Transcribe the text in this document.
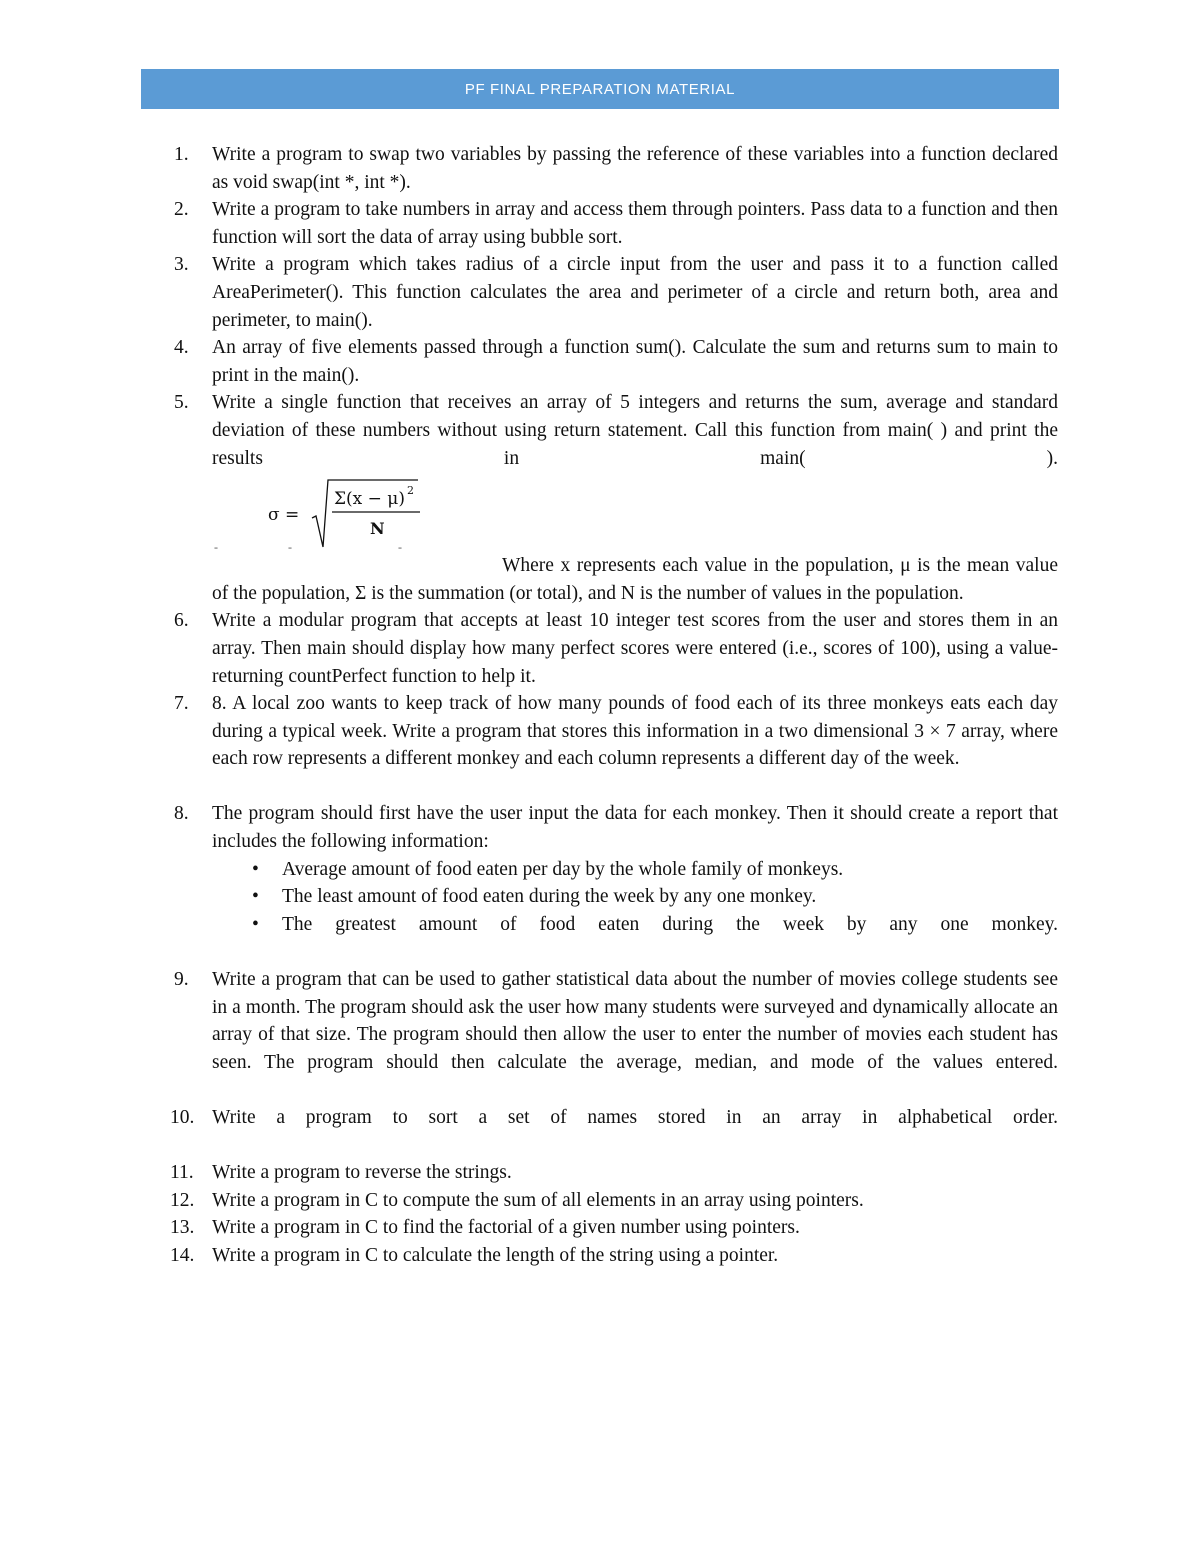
PF FINAL PREPARATION MATERIAL
1.	Write a program to swap two variables by passing the reference of these variables into a function declared as void swap(int *, int *).
2.	Write a program to take numbers in array and access them through pointers. Pass data to a function and then function will sort the data of array using bubble sort.
3.	Write a program which takes radius of a circle input from the user and pass it to a function called AreaPerimeter(). This function calculates the area and perimeter of a circle and return both, area and perimeter, to main().
4.	An array of five elements passed through a function sum(). Calculate the sum and returns sum to main to print in the main().
5.	Write a single function that receives an array of 5 integers and returns the sum, average and standard deviation of these numbers without using return statement. Call this function from main( ) and print the results in main( ).
σ =
Σ(x − μ) 2
N
-	-	-
Where x represents each value in the population, μ is the mean value of the population, Σ is the summation (or total), and N is the number of values in the population.
6.	Write a modular program that accepts at least 10 integer test scores from the user and stores them in an array. Then main should display how many perfect scores were entered (i.e., scores of 100), using a value-returning countPerfect function to help it.
7.	8. A local zoo wants to keep track of how many pounds of food each of its three monkeys eats each day during a typical week. Write a program that stores this information in a two dimensional 3 × 7 array, where each row represents a different monkey and each column represents a different day of the week.
8.	The program should first have the user input the data for each monkey. Then it should create a report that includes the following information:
• Average amount of food eaten per day by the whole family of monkeys.
• The least amount of food eaten during the week by any one monkey.
• The greatest amount of food eaten during the week by any one monkey.
9.	Write a program that can be used to gather statistical data about the number of movies college students see in a month. The program should ask the user how many students were surveyed and dynamically allocate an array of that size. The program should then allow the user to enter the number of movies each student has seen. The program should then calculate the average, median, and mode of the values entered.
10. Write a program to sort a set of names stored in an array in alphabetical order.
11. Write a program to reverse the strings.
12. Write a program in C to compute the sum of all elements in an array using pointers.
13. Write a program in C to find the factorial of a given number using pointers.
14. Write a program in C to calculate the length of the string using a pointer.
